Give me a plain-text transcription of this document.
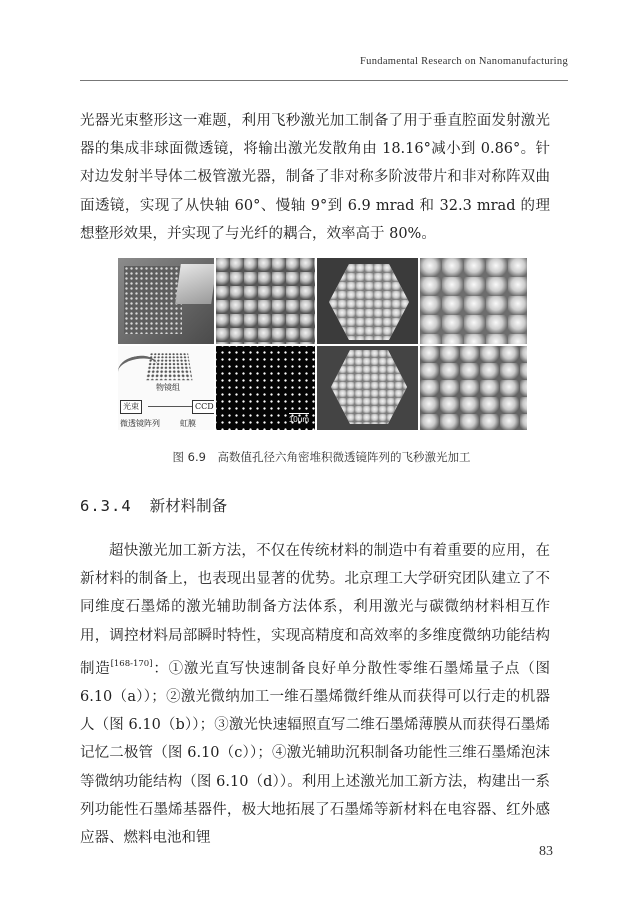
Fundamental Research on Nanomanufacturing
光器光束整形这一难题，利用飞秒激光加工制备了用于垂直腔面发射激光器的集成非球面微透镜，将输出激光发散角由 18.16°减小到 0.86°。针对边发射半导体二极管激光器，制备了非对称多阶波带片和非对称阵双曲面透镜，实现了从快轴 60°、慢轴 9°到 6.9 mrad 和 32.3 mrad 的理想整形效果，并实现了与光纤的耦合，效率高于 80%。
物镜组
光束	CCD
微透镜阵列	虹膜	10μm
图 6.9　高数值孔径六角密堆积微透镜阵列的飞秒激光加工
6.3.4 新材料制备
超快激光加工新方法，不仅在传统材料的制造中有着重要的应用，在新材料的制备上，也表现出显著的优势。北京理工大学研究团队建立了不同维度石墨烯的激光辅助制备方法体系，利用激光与碳微纳材料相互作用，调控材料局部瞬时特性，实现高精度和高效率的多维度微纳功能结构制造[168-170]：①激光直写快速制备良好单分散性零维石墨烯量子点（图 6.10（a））；②激光微纳加工一维石墨烯微纤维从而获得可以行走的机器人（图 6.10（b））；③激光快速辐照直写二维石墨烯薄膜从而获得石墨烯记忆二极管（图 6.10（c））；④激光辅助沉积制备功能性三维石墨烯泡沫等微纳功能结构（图 6.10（d））。利用上述激光加工新方法，构建出一系列功能性石墨烯基器件，极大地拓展了石墨烯等新材料在电容器、红外感应器、燃料电池和锂
83
